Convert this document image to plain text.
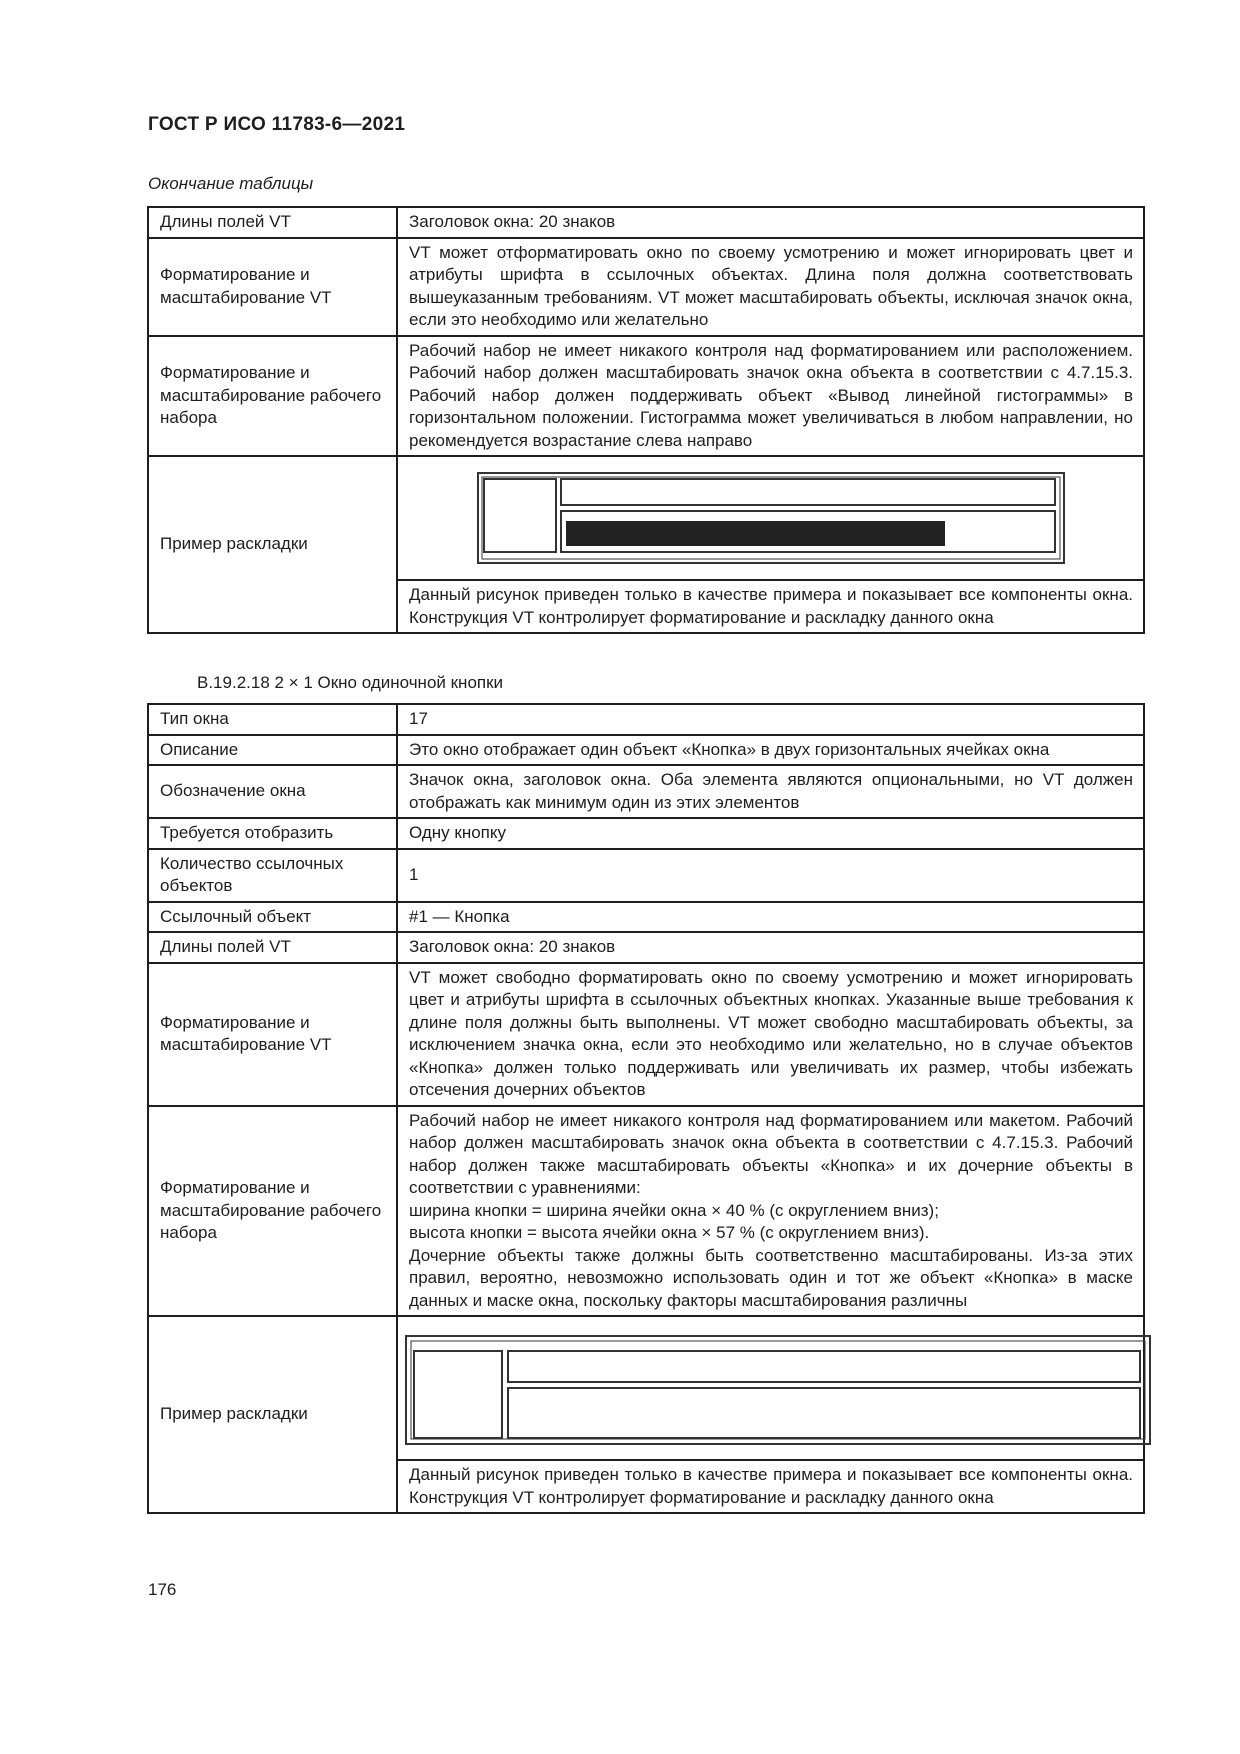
ГОСТ Р ИСО 11783-6—2021
Окончание таблицы
Длины полей VT	Заголовок окна: 20 знаков
Форматирование и масштабирование VT	VT может отформатировать окно по своему усмотрению и может игнорировать цвет и атрибуты шрифта в ссылочных объектах. Длина поля должна соответствовать вышеуказанным требованиям. VT может масштабировать объекты, исключая значок окна, если это необходимо или желательно
Форматирование и масштабирование рабочего набора	Рабочий набор не имеет никакого контроля над форматированием или расположением. Рабочий набор должен масштабировать значок окна объекта в соответствии с 4.7.15.3. Рабочий набор должен поддерживать объект «Вывод линейной гистограммы» в горизонтальном положении. Гистограмма может увеличиваться в любом направлении, но рекомендуется возрастание слева направо
Пример раскладки	

	Данный рисунок приведен только в качестве примера и показывает все компоненты окна. Конструкция VT контролирует форматирование и раскладку данного окна
В.19.2.18 2 × 1 Окно одиночной кнопки
Тип окна	17
Описание	Это окно отображает один объект «Кнопка» в двух горизонтальных ячейках окна
Обозначение окна	Значок окна, заголовок окна. Оба элемента являются опциональными, но VT должен отображать как минимум один из этих элементов
Требуется отобразить	Одну кнопку
Количество ссылочных объектов	1
Ссылочный объект	#1 — Кнопка
Длины полей VT	Заголовок окна: 20 знаков
Форматирование и масштабирование VT	VT может свободно форматировать окно по своему усмотрению и может игнорировать цвет и атрибуты шрифта в ссылочных объектных кнопках. Указанные выше требования к длине поля должны быть выполнены. VT может свободно масштабировать объекты, за исключением значка окна, если это необходимо или желательно, но в случае объектов «Кнопка» должен только поддерживать или увеличивать их размер, чтобы избежать отсечения дочерних объектов
Форматирование и масштабирование рабочего набора	Рабочий набор не имеет никакого контроля над форматированием или макетом. Рабочий набор должен масштабировать значок окна объекта в соответствии с 4.7.15.3. Рабочий набор должен также масштабировать объекты «Кнопка» и их дочерние объекты в соответствии с уравнениями:
ширина кнопки = ширина ячейки окна × 40 % (с округлением вниз);
высота кнопки = высота ячейки окна × 57 % (с округлением вниз).
Дочерние объекты также должны быть соответственно масштабированы. Из-за этих правил, вероятно, невозможно использовать один и тот же объект «Кнопка» в маске данных и маске окна, поскольку факторы масштабирования различны

Пример раскладки	

	Данный рисунок приведен только в качестве примера и показывает все компоненты окна. Конструкция VT контролирует форматирование и раскладку данного окна
176
